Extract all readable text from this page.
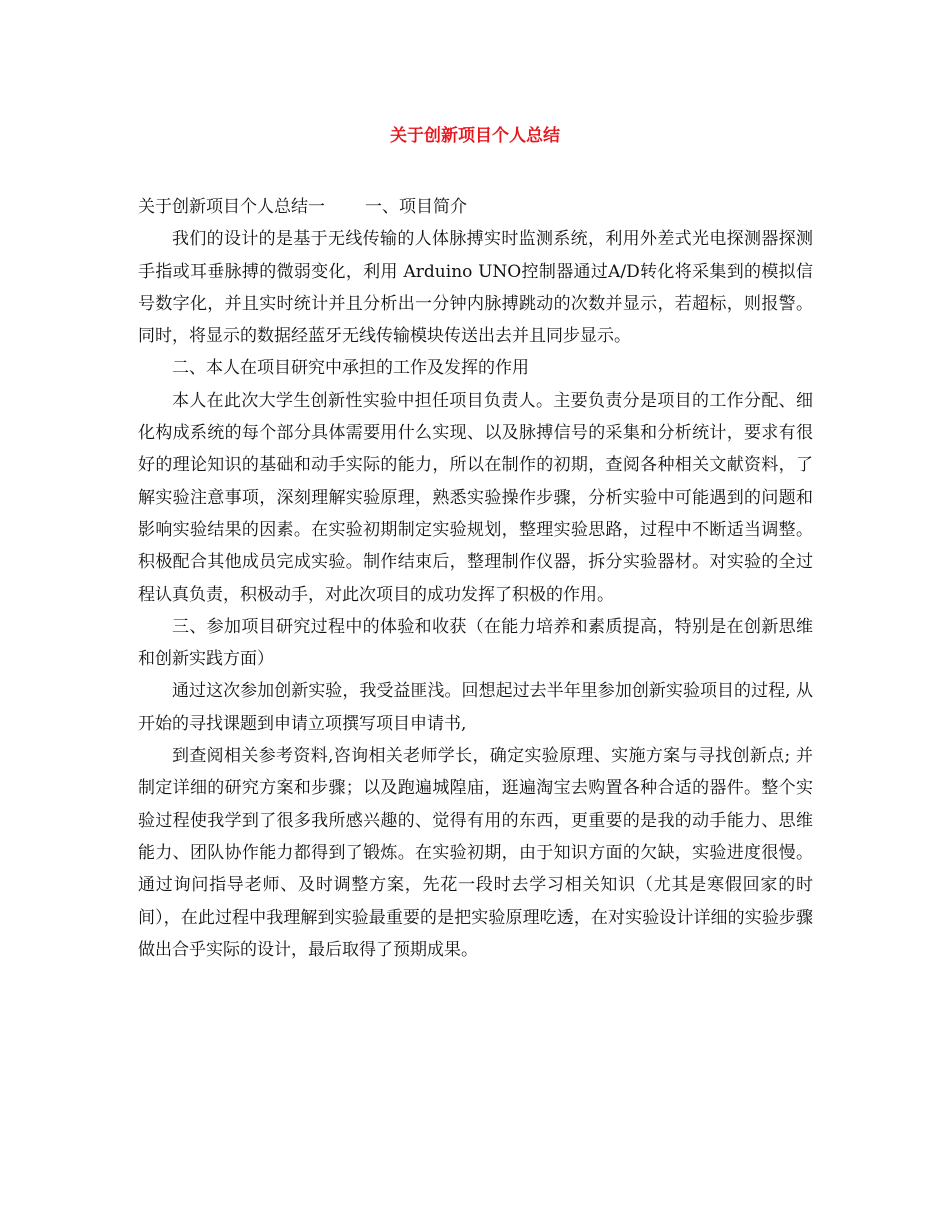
关于创新项目个人总结

关于创新项目个人总结一 一、项目简介

我们的设计的是基于无线传输的人体脉搏实时监测系统，利用外差式光电探测器探测手指或耳垂脉搏的微弱变化，利用 Arduino UNO控制器通过A/D转化将采集到的模拟信号数字化，并且实时统计并且分析出一分钟内脉搏跳动的次数并显示，若超标，则报警。同时，将显示的数据经蓝牙无线传输模块传送出去并且同步显示。

二、本人在项目研究中承担的工作及发挥的作用

本人在此次大学生创新性实验中担任项目负责人。主要负责分是项目的工作分配、细化构成系统的每个部分具体需要用什么实现、以及脉搏信号的采集和分析统计，要求有很好的理论知识的基础和动手实际的能力，所以在制作的初期，查阅各种相关文献资料，了解实验注意事项，深刻理解实验原理，熟悉实验操作步骤，分析实验中可能遇到的问题和影响实验结果的因素。在实验初期制定实验规划，整理实验思路，过程中不断适当调整。积极配合其他成员完成实验。制作结束后，整理制作仪器，拆分实验器材。对实验的全过程认真负责，积极动手，对此次项目的成功发挥了积极的作用。

三、参加项目研究过程中的体验和收获（在能力培养和素质提高，特别是在创新思维和创新实践方面）

通过这次参加创新实验，我受益匪浅。回想起过去半年里参加创新实验项目的过程, 从开始的寻找课题到申请立项撰写项目申请书,

到查阅相关参考资料,咨询相关老师学长，确定实验原理、实施方案与寻找创新点; 并制定详细的研究方案和步骤；以及跑遍城隍庙，逛遍淘宝去购置各种合适的器件。整个实验过程使我学到了很多我所感兴趣的、觉得有用的东西，更重要的是我的动手能力、思维能力、团队协作能力都得到了锻炼。在实验初期，由于知识方面的欠缺，实验进度很慢。通过询问指导老师、及时调整方案，先花一段时去学习相关知识（尤其是寒假回家的时间），在此过程中我理解到实验最重要的是把实验原理吃透，在对实验设计详细的实验步骤做出合乎实际的设计，最后取得了预期成果。
